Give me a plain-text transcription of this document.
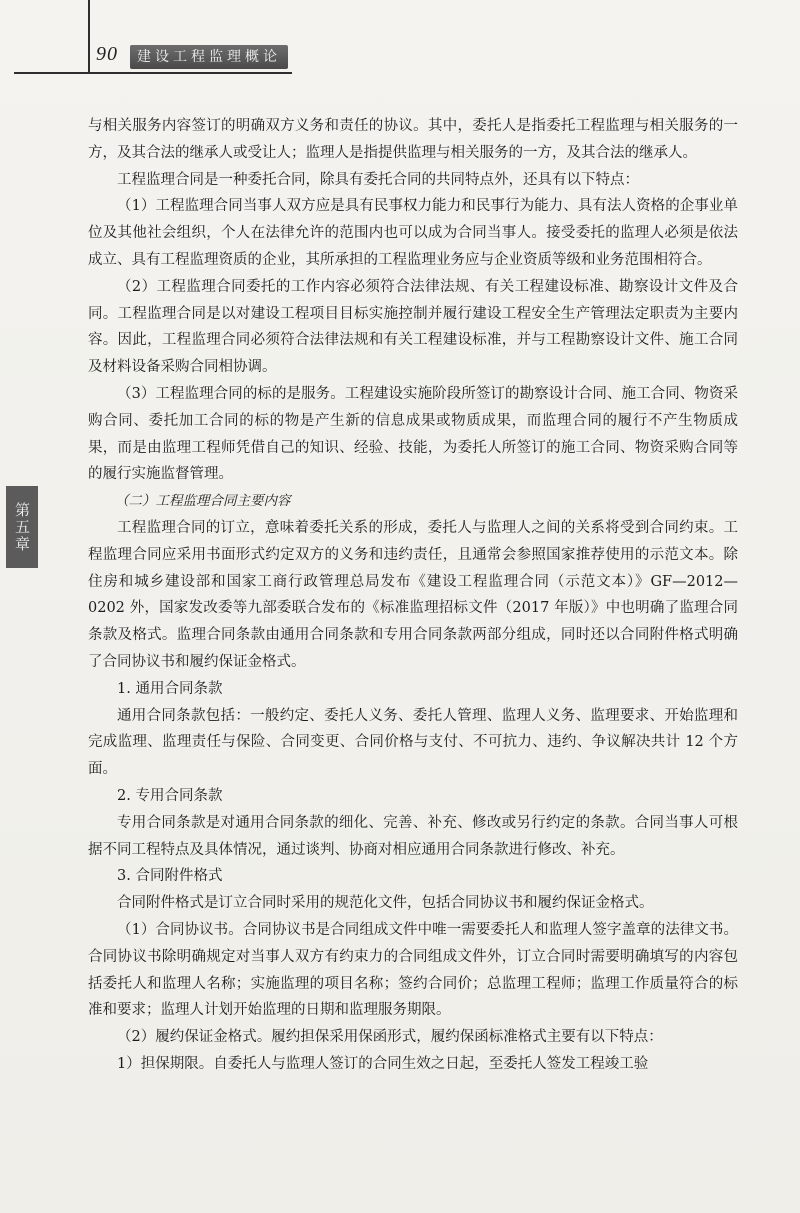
90	建设工程监理概论
第五章

与相关服务内容签订的明确双方义务和责任的协议。其中，委托人是指委托工程监理与相关服务的一方，及其合法的继承人或受让人；监理人是指提供监理与相关服务的一方，及其合法的继承人。

工程监理合同是一种委托合同，除具有委托合同的共同特点外，还具有以下特点：

（1）工程监理合同当事人双方应是具有民事权力能力和民事行为能力、具有法人资格的企事业单位及其他社会组织，个人在法律允许的范围内也可以成为合同当事人。接受委托的监理人必须是依法成立、具有工程监理资质的企业，其所承担的工程监理业务应与企业资质等级和业务范围相符合。

（2）工程监理合同委托的工作内容必须符合法律法规、有关工程建设标准、勘察设计文件及合同。工程监理合同是以对建设工程项目目标实施控制并履行建设工程安全生产管理法定职责为主要内容。因此，工程监理合同必须符合法律法规和有关工程建设标准，并与工程勘察设计文件、施工合同及材料设备采购合同相协调。

（3）工程监理合同的标的是服务。工程建设实施阶段所签订的勘察设计合同、施工合同、物资采购合同、委托加工合同的标的物是产生新的信息成果或物质成果，而监理合同的履行不产生物质成果，而是由监理工程师凭借自己的知识、经验、技能，为委托人所签订的施工合同、物资采购合同等的履行实施监督管理。

（二）工程监理合同主要内容

工程监理合同的订立，意味着委托关系的形成，委托人与监理人之间的关系将受到合同约束。工程监理合同应采用书面形式约定双方的义务和违约责任，且通常会参照国家推荐使用的示范文本。除住房和城乡建设部和国家工商行政管理总局发布《建设工程监理合同（示范文本）》GF—2012—0202 外，国家发改委等九部委联合发布的《标准监理招标文件（2017 年版）》中也明确了监理合同条款及格式。监理合同条款由通用合同条款和专用合同条款两部分组成，同时还以合同附件格式明确了合同协议书和履约保证金格式。

1. 通用合同条款

通用合同条款包括：一般约定、委托人义务、委托人管理、监理人义务、监理要求、开始监理和完成监理、监理责任与保险、合同变更、合同价格与支付、不可抗力、违约、争议解决共计 12 个方面。

2. 专用合同条款

专用合同条款是对通用合同条款的细化、完善、补充、修改或另行约定的条款。合同当事人可根据不同工程特点及具体情况，通过谈判、协商对相应通用合同条款进行修改、补充。

3. 合同附件格式

合同附件格式是订立合同时采用的规范化文件，包括合同协议书和履约保证金格式。

（1）合同协议书。合同协议书是合同组成文件中唯一需要委托人和监理人签字盖章的法律文书。合同协议书除明确规定对当事人双方有约束力的合同组成文件外，订立合同时需要明确填写的内容包括委托人和监理人名称；实施监理的项目名称；签约合同价；总监理工程师；监理工作质量符合的标准和要求；监理人计划开始监理的日期和监理服务期限。

（2）履约保证金格式。履约担保采用保函形式，履约保函标准格式主要有以下特点：

1）担保期限。自委托人与监理人签订的合同生效之日起，至委托人签发工程竣工验
